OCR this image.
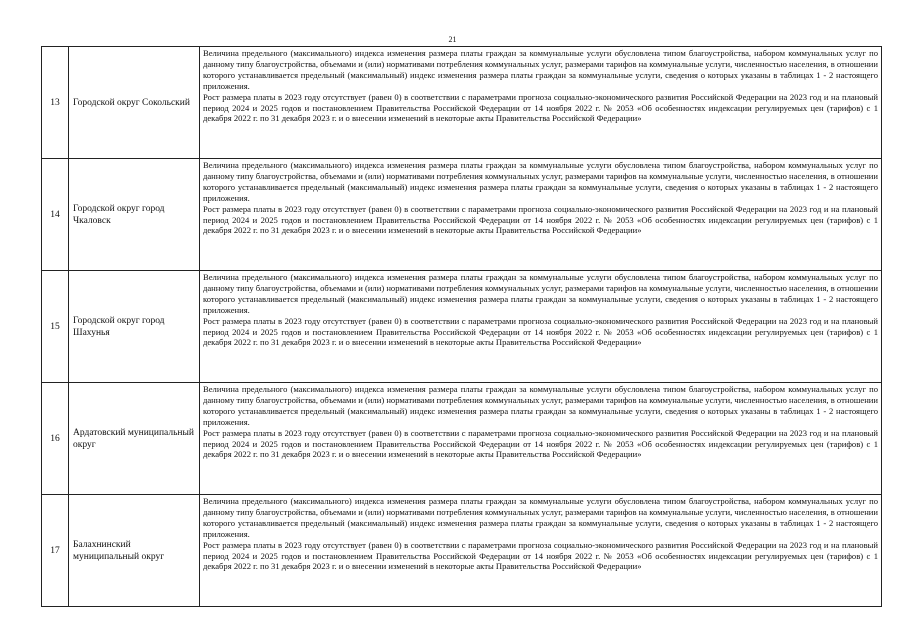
21
13	Городской округ Сокольский	Величина предельного (максимального) индекса изменения размера платы граждан за коммунальные услуги обусловлена типом благоустройства, набором коммунальных услуг по данному типу благоустройства, объемами и (или) нормативами потребления коммунальных услуг, размерами тарифов на коммунальные услуги, численностью населения, в отношении которого устанавливается предельный (максимальный) индекс изменения размера платы граждан за коммунальные услуги, сведения о которых указаны в таблицах 1 - 2 настоящего приложения.

Рост размера платы в 2023 году отсутствует (равен 0) в соответствии с параметрами прогноза социально-экономического развития Российской Федерации на 2023 год и на плановый период 2024 и 2025 годов и постановлением Правительства Российской Федерации от 14 ноября 2022 г. № 2053 «Об особенностях индексации регулируемых цен (тарифов) с 1 декабря 2022 г. по 31 декабря 2023 г. и о внесении изменений в некоторые акты Правительства Российской Федерации»

14	Городской округ город Чкаловск	Величина предельного (максимального) индекса изменения размера платы граждан за коммунальные услуги обусловлена типом благоустройства, набором коммунальных услуг по данному типу благоустройства, объемами и (или) нормативами потребления коммунальных услуг, размерами тарифов на коммунальные услуги, численностью населения, в отношении которого устанавливается предельный (максимальный) индекс изменения размера платы граждан за коммунальные услуги, сведения о которых указаны в таблицах 1 - 2 настоящего приложения.

Рост размера платы в 2023 году отсутствует (равен 0) в соответствии с параметрами прогноза социально-экономического развития Российской Федерации на 2023 год и на плановый период 2024 и 2025 годов и постановлением Правительства Российской Федерации от 14 ноября 2022 г. № 2053 «Об особенностях индексации регулируемых цен (тарифов) с 1 декабря 2022 г. по 31 декабря 2023 г. и о внесении изменений в некоторые акты Правительства Российской Федерации»

15	Городской округ город Шахунья	Величина предельного (максимального) индекса изменения размера платы граждан за коммунальные услуги обусловлена типом благоустройства, набором коммунальных услуг по данному типу благоустройства, объемами и (или) нормативами потребления коммунальных услуг, размерами тарифов на коммунальные услуги, численностью населения, в отношении которого устанавливается предельный (максимальный) индекс изменения размера платы граждан за коммунальные услуги, сведения о которых указаны в таблицах 1 - 2 настоящего приложения.

Рост размера платы в 2023 году отсутствует (равен 0) в соответствии с параметрами прогноза социально-экономического развития Российской Федерации на 2023 год и на плановый период 2024 и 2025 годов и постановлением Правительства Российской Федерации от 14 ноября 2022 г. № 2053 «Об особенностях индексации регулируемых цен (тарифов) с 1 декабря 2022 г. по 31 декабря 2023 г. и о внесении изменений в некоторые акты Правительства Российской Федерации»

16	Ардатовский муниципальный округ	Величина предельного (максимального) индекса изменения размера платы граждан за коммунальные услуги обусловлена типом благоустройства, набором коммунальных услуг по данному типу благоустройства, объемами и (или) нормативами потребления коммунальных услуг, размерами тарифов на коммунальные услуги, численностью населения, в отношении которого устанавливается предельный (максимальный) индекс изменения размера платы граждан за коммунальные услуги, сведения о которых указаны в таблицах 1 - 2 настоящего приложения.

Рост размера платы в 2023 году отсутствует (равен 0) в соответствии с параметрами прогноза социально-экономического развития Российской Федерации на 2023 год и на плановый период 2024 и 2025 годов и постановлением Правительства Российской Федерации от 14 ноября 2022 г. № 2053 «Об особенностях индексации регулируемых цен (тарифов) с 1 декабря 2022 г. по 31 декабря 2023 г. и о внесении изменений в некоторые акты Правительства Российской Федерации»

17	Балахнинский муниципальный округ	Величина предельного (максимального) индекса изменения размера платы граждан за коммунальные услуги обусловлена типом благоустройства, набором коммунальных услуг по данному типу благоустройства, объемами и (или) нормативами потребления коммунальных услуг, размерами тарифов на коммунальные услуги, численностью населения, в отношении которого устанавливается предельный (максимальный) индекс изменения размера платы граждан за коммунальные услуги, сведения о которых указаны в таблицах 1 - 2 настоящего приложения.

Рост размера платы в 2023 году отсутствует (равен 0) в соответствии с параметрами прогноза социально-экономического развития Российской Федерации на 2023 год и на плановый период 2024 и 2025 годов и постановлением Правительства Российской Федерации от 14 ноября 2022 г. № 2053 «Об особенностях индексации регулируемых цен (тарифов) с 1 декабря 2022 г. по 31 декабря 2023 г. и о внесении изменений в некоторые акты Правительства Российской Федерации»
